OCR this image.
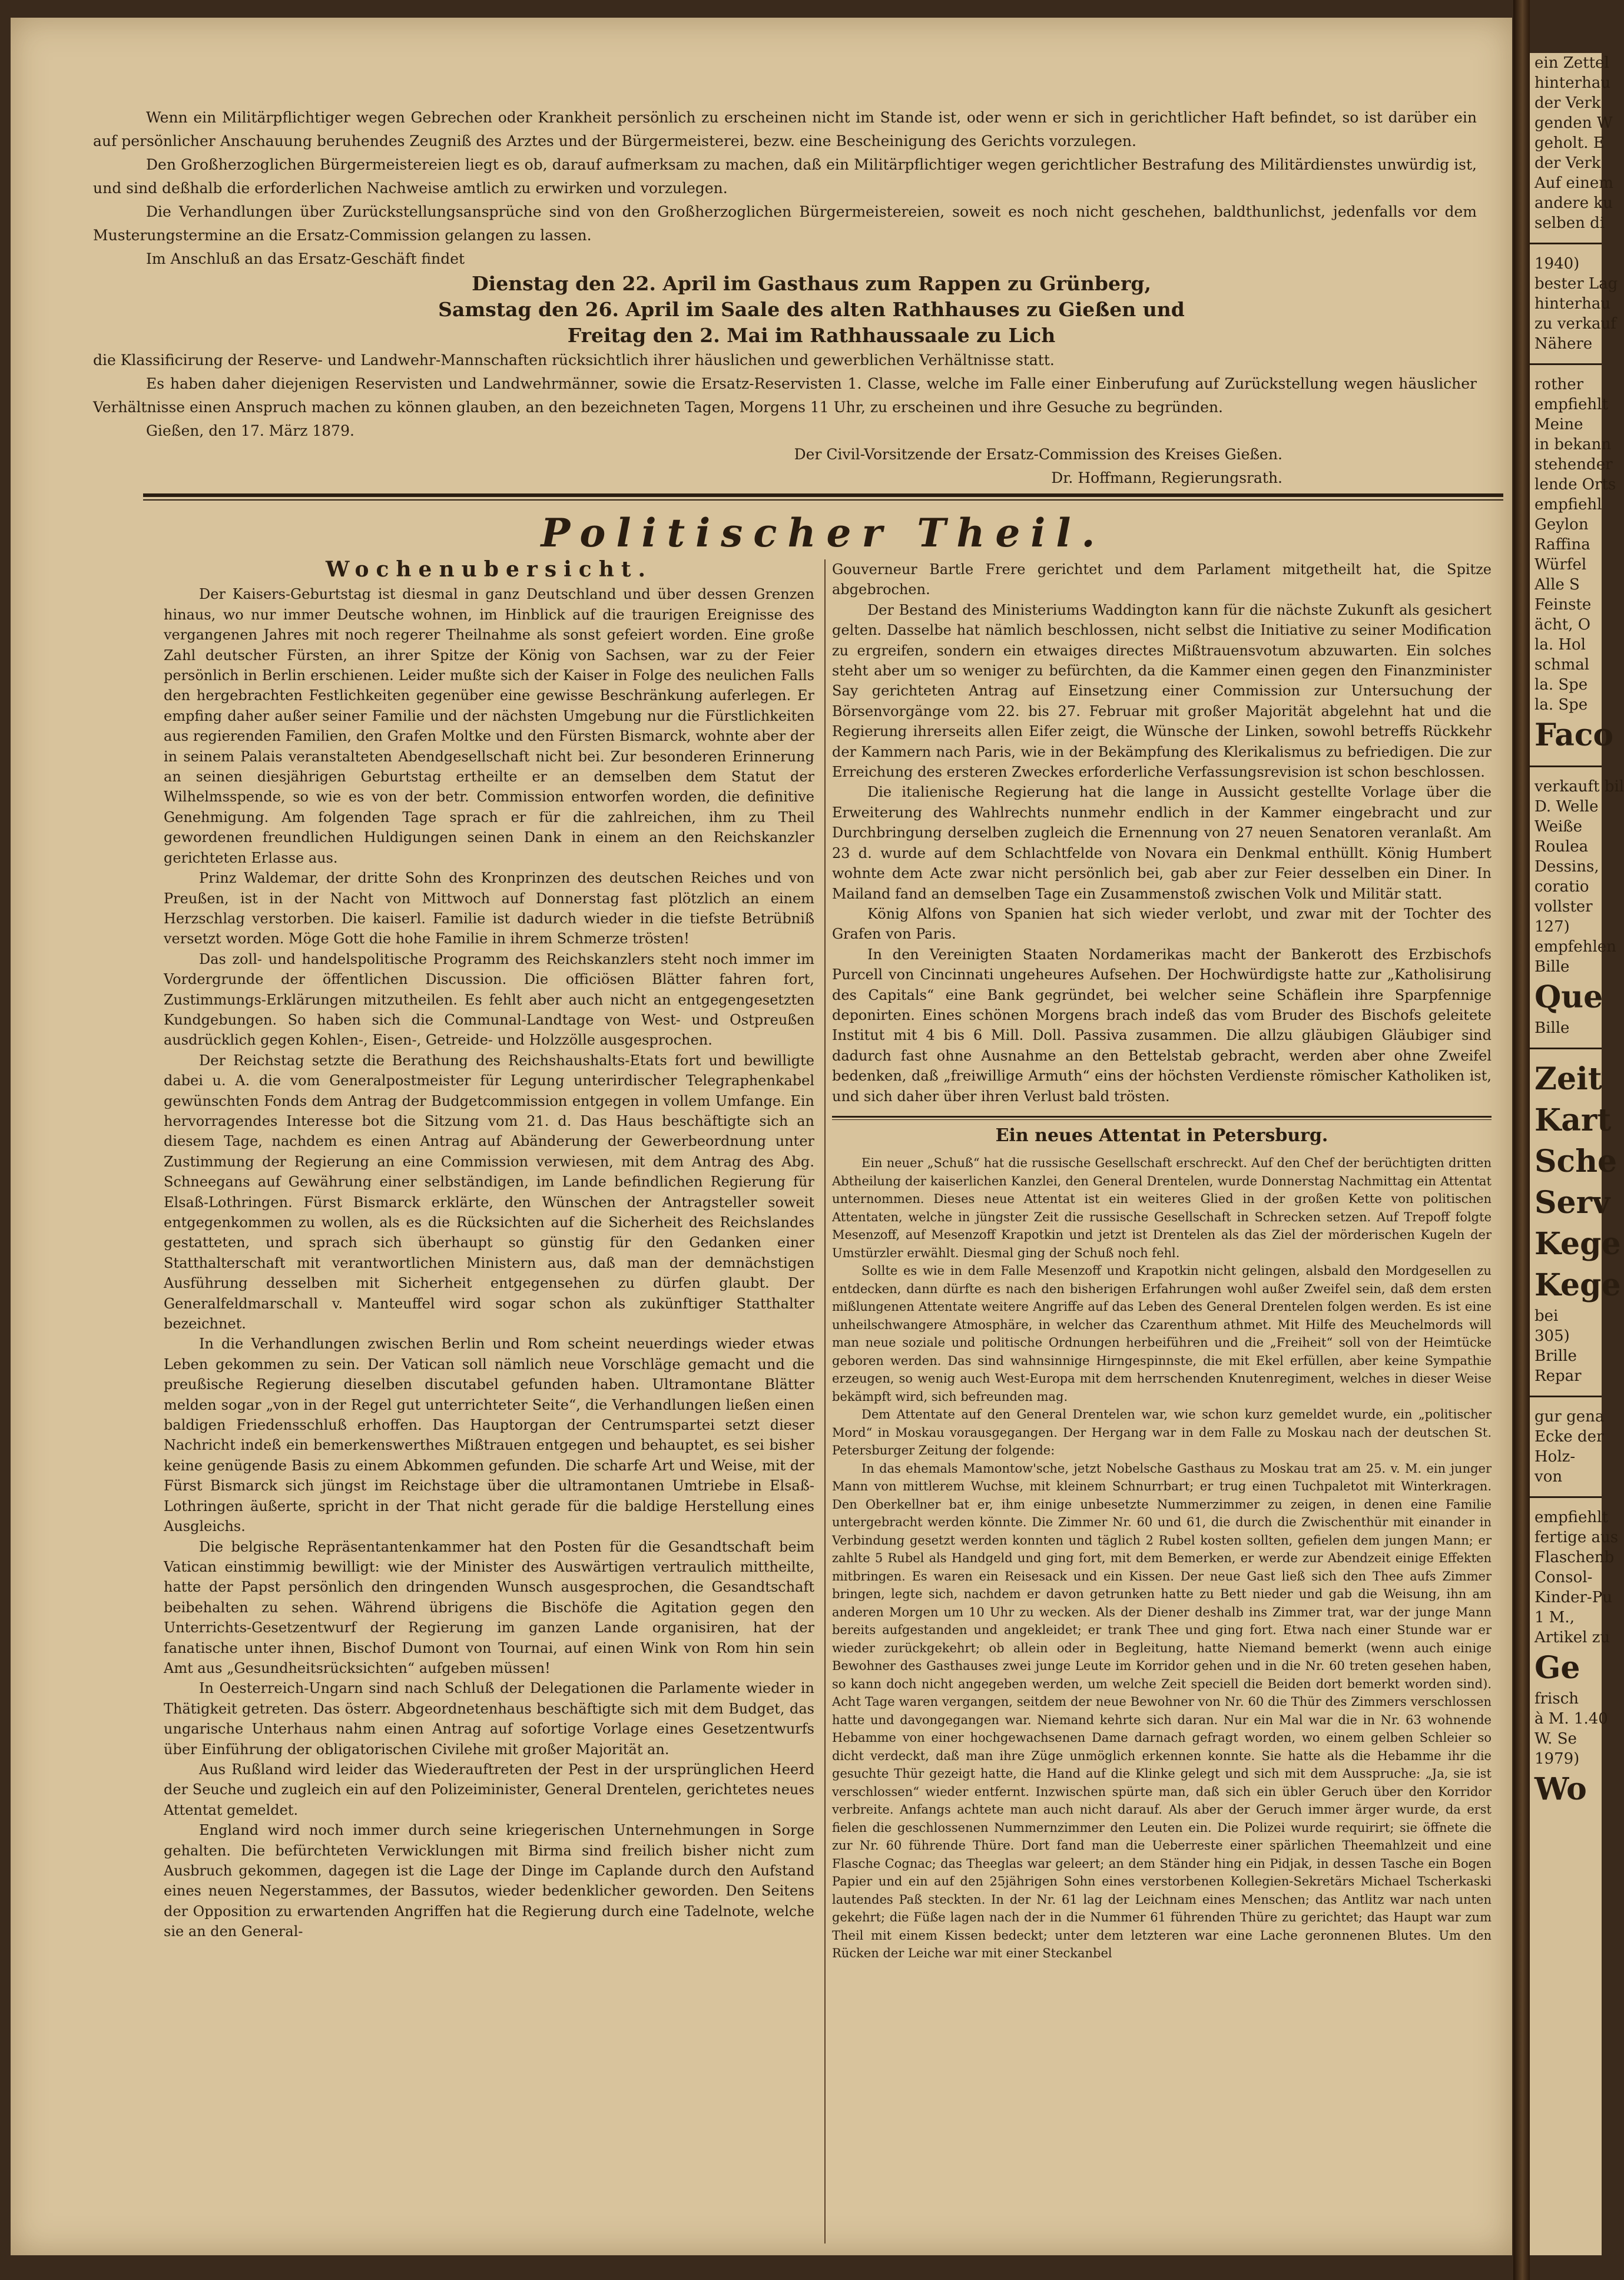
Wenn ein Militärpflichtiger wegen Gebrechen oder Krankheit persönlich zu erscheinen nicht im Stande ist, oder wenn er sich in gerichtlicher Haft befindet, so ist darüber ein auf persönlicher Anschauung beruhendes Zeugniß des Arztes und der Bürgermeisterei, bezw. eine Bescheinigung des Gerichts vorzulegen.

Den Großherzoglichen Bürgermeistereien liegt es ob, darauf aufmerksam zu machen, daß ein Militärpflichtiger wegen gerichtlicher Bestrafung des Militärdienstes unwürdig ist, und sind deßhalb die erforderlichen Nachweise amtlich zu erwirken und vorzulegen.

Die Verhandlungen über Zurückstellungsansprüche sind von den Großherzoglichen Bürgermeistereien, soweit es noch nicht geschehen, baldthunlichst, jedenfalls vor dem Musterungstermine an die Ersatz-Commission gelangen zu lassen.

Im Anschluß an das Ersatz-Geschäft findet

Dienstag den 22. April im Gasthaus zum Rappen zu Grünberg,

Samstag den 26. April im Saale des alten Rathhauses zu Gießen und

Freitag den 2. Mai im Rathhaussaale zu Lich

die Klassificirung der Reserve- und Landwehr-Mannschaften rücksichtlich ihrer häuslichen und gewerblichen Verhältnisse statt.

Es haben daher diejenigen Reservisten und Landwehrmänner, sowie die Ersatz-Reservisten 1. Classe, welche im Falle einer Einberufung auf Zurückstellung wegen häuslicher Verhältnisse einen Anspruch machen zu können glauben, an den bezeichneten Tagen, Morgens 11 Uhr, zu erscheinen und ihre Gesuche zu begründen.

Gießen, den 17. März 1879.

Der Civil-Vorsitzende der Ersatz-Commission des Kreises Gießen.

Dr. Hoffmann, Regierungsrath.

Politischer Theil.
Wochenubersicht.

Der Kaisers-Geburtstag ist diesmal in ganz Deutschland und über dessen Grenzen hinaus, wo nur immer Deutsche wohnen, im Hinblick auf die traurigen Ereignisse des vergangenen Jahres mit noch regerer Theilnahme als sonst gefeiert worden. Eine große Zahl deutscher Fürsten, an ihrer Spitze der König von Sachsen, war zu der Feier persönlich in Berlin erschienen. Leider mußte sich der Kaiser in Folge des neulichen Falls den hergebrachten Festlichkeiten gegenüber eine gewisse Beschränkung auferlegen. Er empfing daher außer seiner Familie und der nächsten Umgebung nur die Fürstlichkeiten aus regierenden Familien, den Grafen Moltke und den Fürsten Bismarck, wohnte aber der in seinem Palais veranstalteten Abendgesellschaft nicht bei. Zur besonderen Erinnerung an seinen diesjährigen Geburtstag ertheilte er an demselben dem Statut der Wilhelmsspende, so wie es von der betr. Commission entworfen worden, die definitive Genehmigung. Am folgenden Tage sprach er für die zahlreichen, ihm zu Theil gewordenen freundlichen Huldigungen seinen Dank in einem an den Reichskanzler gerichteten Erlasse aus.

Prinz Waldemar, der dritte Sohn des Kronprinzen des deutschen Reiches und von Preußen, ist in der Nacht von Mittwoch auf Donnerstag fast plötzlich an einem Herzschlag verstorben. Die kaiserl. Familie ist dadurch wieder in die tiefste Betrübniß versetzt worden. Möge Gott die hohe Familie in ihrem Schmerze trösten!

Das zoll- und handelspolitische Programm des Reichskanzlers steht noch immer im Vordergrunde der öffentlichen Discussion. Die officiösen Blätter fahren fort, Zustimmungs-Erklärungen mitzutheilen. Es fehlt aber auch nicht an entgegengesetzten Kundgebungen. So haben sich die Communal-Landtage von West- und Ostpreußen ausdrücklich gegen Kohlen-, Eisen-, Getreide- und Holzzölle ausgesprochen.

Der Reichstag setzte die Berathung des Reichshaushalts-Etats fort und bewilligte dabei u. A. die vom Generalpostmeister für Legung unterirdischer Telegraphenkabel gewünschten Fonds dem Antrag der Budgetcommission entgegen in vollem Umfange. Ein hervorragendes Interesse bot die Sitzung vom 21. d. Das Haus beschäftigte sich an diesem Tage, nachdem es einen Antrag auf Abänderung der Gewerbeordnung unter Zustimmung der Regierung an eine Commission verwiesen, mit dem Antrag des Abg. Schneegans auf Gewährung einer selbständigen, im Lande befindlichen Regierung für Elsaß-Lothringen. Fürst Bismarck erklärte, den Wünschen der Antragsteller soweit entgegenkommen zu wollen, als es die Rücksichten auf die Sicherheit des Reichslandes gestatteten, und sprach sich überhaupt so günstig für den Gedanken einer Statthalterschaft mit verantwortlichen Ministern aus, daß man der demnächstigen Ausführung desselben mit Sicherheit entgegensehen zu dürfen glaubt. Der Generalfeldmarschall v. Manteuffel wird sogar schon als zukünftiger Statthalter bezeichnet.

In die Verhandlungen zwischen Berlin und Rom scheint neuerdings wieder etwas Leben gekommen zu sein. Der Vatican soll nämlich neue Vorschläge gemacht und die preußische Regierung dieselben discutabel gefunden haben. Ultramontane Blätter melden sogar „von in der Regel gut unterrichteter Seite“, die Verhandlungen ließen einen baldigen Friedensschluß erhoffen. Das Hauptorgan der Centrumspartei setzt dieser Nachricht indeß ein bemerkenswerthes Mißtrauen entgegen und behauptet, es sei bisher keine genügende Basis zu einem Abkommen gefunden. Die scharfe Art und Weise, mit der Fürst Bismarck sich jüngst im Reichstage über die ultramontanen Umtriebe in Elsaß-Lothringen äußerte, spricht in der That nicht gerade für die baldige Herstellung eines Ausgleichs.

Die belgische Repräsentantenkammer hat den Posten für die Gesandtschaft beim Vatican einstimmig bewilligt: wie der Minister des Auswärtigen vertraulich mittheilte, hatte der Papst persönlich den dringenden Wunsch ausgesprochen, die Gesandtschaft beibehalten zu sehen. Während übrigens die Bischöfe die Agitation gegen den Unterrichts-Gesetzentwurf der Regierung im ganzen Lande organisiren, hat der fanatische unter ihnen, Bischof Dumont von Tournai, auf einen Wink von Rom hin sein Amt aus „Gesundheitsrücksichten“ aufgeben müssen!

In Oesterreich-Ungarn sind nach Schluß der Delegationen die Parlamente wieder in Thätigkeit getreten. Das österr. Abgeordnetenhaus beschäftigte sich mit dem Budget, das ungarische Unterhaus nahm einen Antrag auf sofortige Vorlage eines Gesetzentwurfs über Einführung der obligatorischen Civilehe mit großer Majorität an.

Aus Rußland wird leider das Wiederauftreten der Pest in der ursprünglichen Heerd der Seuche und zugleich ein auf den Polizeiminister, General Drentelen, gerichtetes neues Attentat gemeldet.

England wird noch immer durch seine kriegerischen Unternehmungen in Sorge gehalten. Die befürchteten Verwicklungen mit Birma sind freilich bisher nicht zum Ausbruch gekommen, dagegen ist die Lage der Dinge im Caplande durch den Aufstand eines neuen Negerstammes, der Bassutos, wieder bedenklicher geworden. Den Seitens der Opposition zu erwartenden Angriffen hat die Regierung durch eine Tadelnote, welche sie an den General-

Gouverneur Bartle Frere gerichtet und dem Parlament mitgetheilt hat, die Spitze abgebrochen.

Der Bestand des Ministeriums Waddington kann für die nächste Zukunft als gesichert gelten. Dasselbe hat nämlich beschlossen, nicht selbst die Initiative zu seiner Modification zu ergreifen, sondern ein etwaiges directes Mißtrauensvotum abzuwarten. Ein solches steht aber um so weniger zu befürchten, da die Kammer einen gegen den Finanzminister Say gerichteten Antrag auf Einsetzung einer Commission zur Untersuchung der Börsenvorgänge vom 22. bis 27. Februar mit großer Majorität abgelehnt hat und die Regierung ihrerseits allen Eifer zeigt, die Wünsche der Linken, sowohl betreffs Rückkehr der Kammern nach Paris, wie in der Bekämpfung des Klerikalismus zu befriedigen. Die zur Erreichung des ersteren Zweckes erforderliche Verfassungsrevision ist schon beschlossen.

Die italienische Regierung hat die lange in Aussicht gestellte Vorlage über die Erweiterung des Wahlrechts nunmehr endlich in der Kammer eingebracht und zur Durchbringung derselben zugleich die Ernennung von 27 neuen Senatoren veranlaßt. Am 23 d. wurde auf dem Schlachtfelde von Novara ein Denkmal enthüllt. König Humbert wohnte dem Acte zwar nicht persönlich bei, gab aber zur Feier desselben ein Diner. In Mailand fand an demselben Tage ein Zusammenstoß zwischen Volk und Militär statt.

König Alfons von Spanien hat sich wieder verlobt, und zwar mit der Tochter des Grafen von Paris.

In den Vereinigten Staaten Nordamerikas macht der Bankerott des Erzbischofs Purcell von Cincinnati ungeheures Aufsehen. Der Hochwürdigste hatte zur „Katholisirung des Capitals“ eine Bank gegründet, bei welcher seine Schäflein ihre Sparpfennige deponirten. Eines schönen Morgens brach indeß das vom Bruder des Bischofs geleitete Institut mit 4 bis 6 Mill. Doll. Passiva zusammen. Die allzu gläubigen Gläubiger sind dadurch fast ohne Ausnahme an den Bettelstab gebracht, werden aber ohne Zweifel bedenken, daß „freiwillige Armuth“ eins der höchsten Verdienste römischer Katholiken ist, und sich daher über ihren Verlust bald trösten.

Ein neues Attentat in Petersburg.

Ein neuer „Schuß“ hat die russische Gesellschaft erschreckt. Auf den Chef der berüchtigten dritten Abtheilung der kaiserlichen Kanzlei, den General Drentelen, wurde Donnerstag Nachmittag ein Attentat unternommen. Dieses neue Attentat ist ein weiteres Glied in der großen Kette von politischen Attentaten, welche in jüngster Zeit die russische Gesellschaft in Schrecken setzen. Auf Trepoff folgte Mesenzoff, auf Mesenzoff Krapotkin und jetzt ist Drentelen als das Ziel der mörderischen Kugeln der Umstürzler erwählt. Diesmal ging der Schuß noch fehl.

Sollte es wie in dem Falle Mesenzoff und Krapotkin nicht gelingen, alsbald den Mordgesellen zu entdecken, dann dürfte es nach den bisherigen Erfahrungen wohl außer Zweifel sein, daß dem ersten mißlungenen Attentate weitere Angriffe auf das Leben des General Drentelen folgen werden. Es ist eine unheilschwangere Atmosphäre, in welcher das Czarenthum athmet. Mit Hilfe des Meuchelmords will man neue soziale und politische Ordnungen herbeiführen und die „Freiheit“ soll von der Heimtücke geboren werden. Das sind wahnsinnige Hirngespinnste, die mit Ekel erfüllen, aber keine Sympathie erzeugen, so wenig auch West-Europa mit dem herrschenden Knutenregiment, welches in dieser Weise bekämpft wird, sich befreunden mag.

Dem Attentate auf den General Drentelen war, wie schon kurz gemeldet wurde, ein „politischer Mord“ in Moskau vorausgegangen. Der Hergang war in dem Falle zu Moskau nach der deutschen St. Petersburger Zeitung der folgende:

In das ehemals Mamontow'sche, jetzt Nobelsche Gasthaus zu Moskau trat am 25. v. M. ein junger Mann von mittlerem Wuchse, mit kleinem Schnurrbart; er trug einen Tuchpaletot mit Winterkragen. Den Oberkellner bat er, ihm einige unbesetzte Nummerzimmer zu zeigen, in denen eine Familie untergebracht werden könnte. Die Zimmer Nr. 60 und 61, die durch die Zwischenthür mit einander in Verbindung gesetzt werden konnten und täglich 2 Rubel kosten sollten, gefielen dem jungen Mann; er zahlte 5 Rubel als Handgeld und ging fort, mit dem Bemerken, er werde zur Abendzeit einige Effekten mitbringen. Es waren ein Reisesack und ein Kissen. Der neue Gast ließ sich den Thee aufs Zimmer bringen, legte sich, nachdem er davon getrunken hatte zu Bett nieder und gab die Weisung, ihn am anderen Morgen um 10 Uhr zu wecken. Als der Diener deshalb ins Zimmer trat, war der junge Mann bereits aufgestanden und angekleidet; er trank Thee und ging fort. Etwa nach einer Stunde war er wieder zurückgekehrt; ob allein oder in Begleitung, hatte Niemand bemerkt (wenn auch einige Bewohner des Gasthauses zwei junge Leute im Korridor gehen und in die Nr. 60 treten gesehen haben, so kann doch nicht angegeben werden, um welche Zeit speciell die Beiden dort bemerkt worden sind). Acht Tage waren vergangen, seitdem der neue Bewohner von Nr. 60 die Thür des Zimmers verschlossen hatte und davongegangen war. Niemand kehrte sich daran. Nur ein Mal war die in Nr. 63 wohnende Hebamme von einer hochgewachsenen Dame darnach gefragt worden, wo einem gelben Schleier so dicht verdeckt, daß man ihre Züge unmöglich erkennen konnte. Sie hatte als die Hebamme ihr die gesuchte Thür gezeigt hatte, die Hand auf die Klinke gelegt und sich mit dem Ausspruche: „Ja, sie ist verschlossen“ wieder entfernt. Inzwischen spürte man, daß sich ein übler Geruch über den Korridor verbreite. Anfangs achtete man auch nicht darauf. Als aber der Geruch immer ärger wurde, da erst fielen die geschlossenen Nummernzimmer den Leuten ein. Die Polizei wurde requirirt; sie öffnete die zur Nr. 60 führende Thüre. Dort fand man die Ueberreste einer spärlichen Theemahlzeit und eine Flasche Cognac; das Theeglas war geleert; an dem Ständer hing ein Pidjak, in dessen Tasche ein Bogen Papier und ein auf den 25jährigen Sohn eines verstorbenen Kollegien-Sekretärs Michael Tscherkaski lautendes Paß steckten. In der Nr. 61 lag der Leichnam eines Menschen; das Antlitz war nach unten gekehrt; die Füße lagen nach der in die Nummer 61 führenden Thüre zu gerichtet; das Haupt war zum Theil mit einem Kissen bedeckt; unter dem letzteren war eine Lache geronnenen Blutes. Um den Rücken der Leiche war mit einer Steckanbel

ein Zettel
hinterhau
der Verk
genden W
geholt. E
der Verk
Auf einem
andere ku
selben di
1940)
bester Lag
hinterhau
zu verkauf
Nähere
rother
empfiehlt
Meine
in bekann
stehender
lende Orts
empfiehl
Geylon
Raffina
Würfel
Alle S
Feinste
ächt, O
la. Hol
schmal
la. Spe
la. Spe
Faco
verkauft bil
D. Welle
Weiße
Roulea
Dessins,
coratio
vollster
127)
empfehlen
Bille
Que
Bille
Zeit
Kart
Sche
Serv
Kege
Kege
bei
305)
Brille
Repar
gur gena
Ecke der
Holz-
von
empfiehlt
fertige aus
Flaschenb
Consol-
Kinder-Pu
1 M.,
Artikel zu
Ge
frisch
à M. 1.40
W. Se
1979)
Wo
